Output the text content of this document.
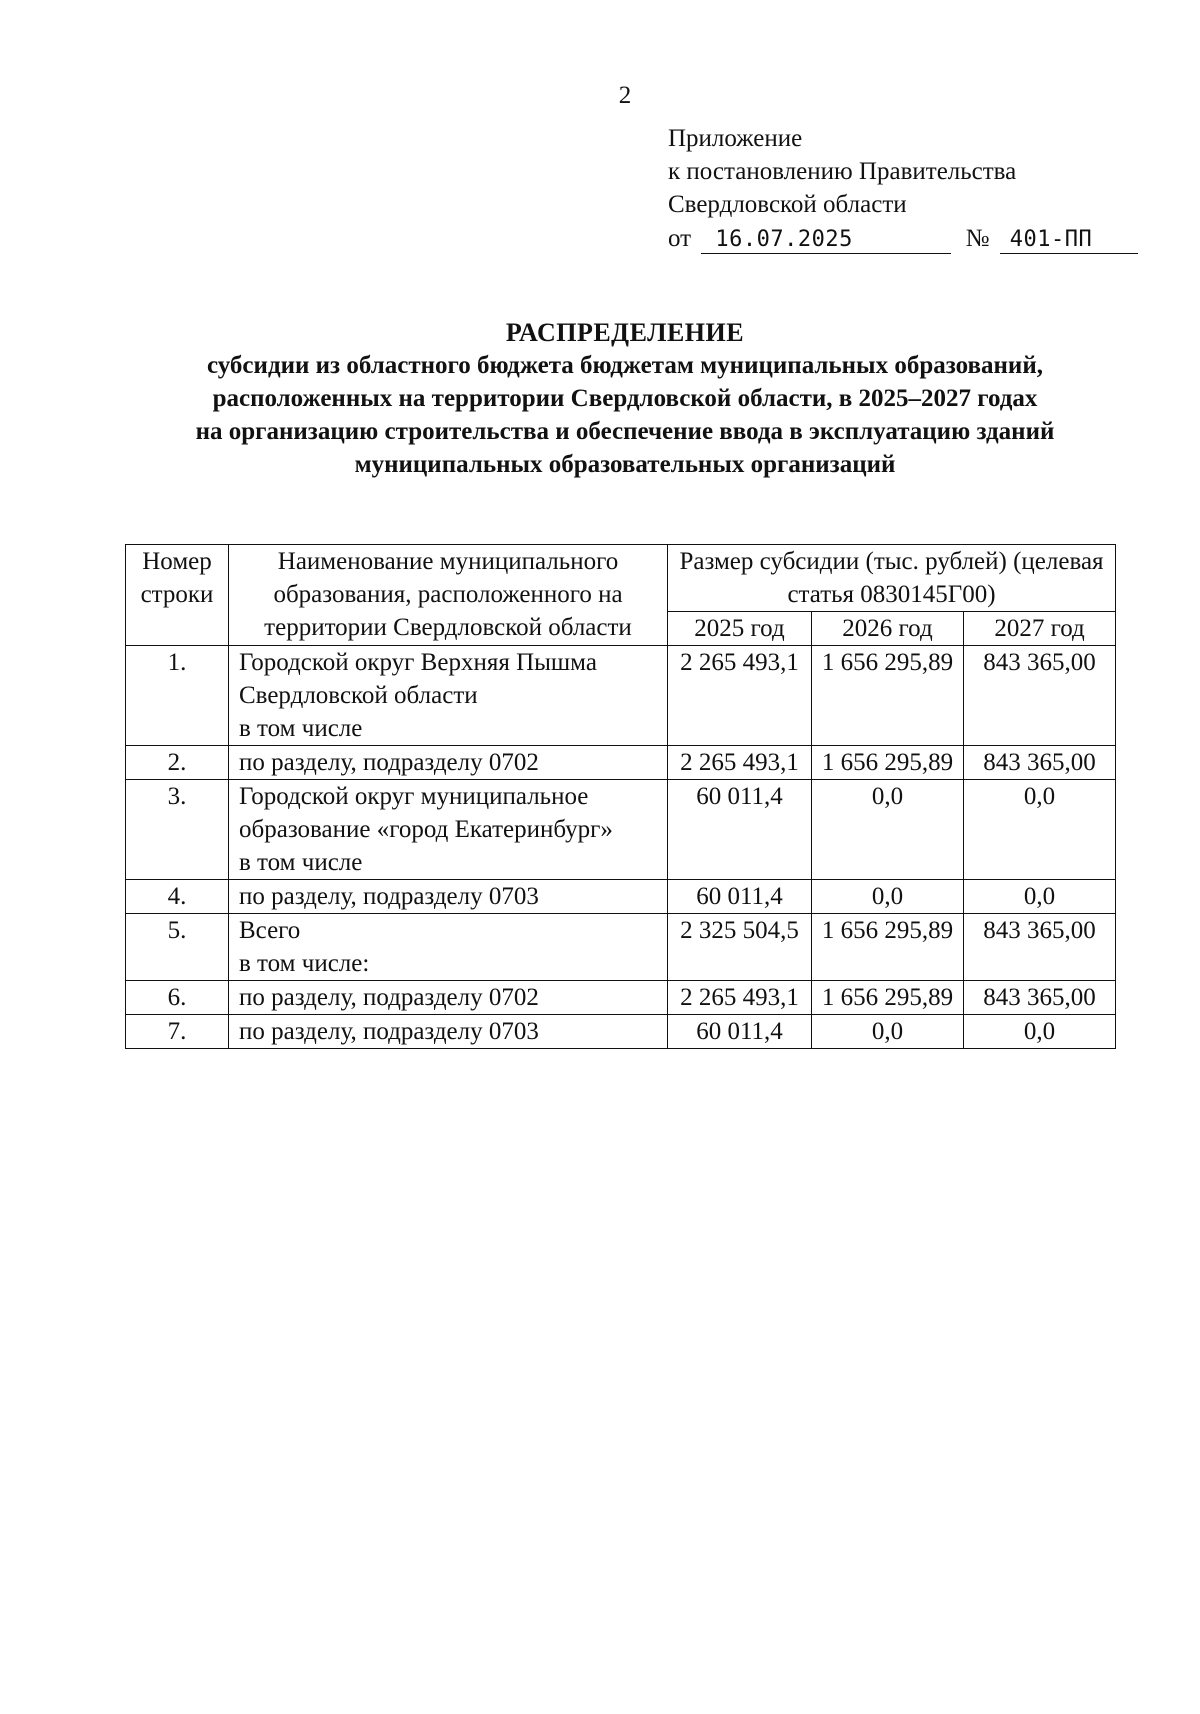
2
Приложение
к постановлению Правительства
Свердловской области
от 16.07.2025	№ 401-ПП
РАСПРЕДЕЛЕНИЕ
субсидии из областного бюджета бюджетам муниципальных образований,
расположенных на территории Свердловской области, в 2025–2027 годах
на организацию строительства и обеспечение ввода в эксплуатацию зданий
муниципальных образовательных организаций
Номер строки	Наименование муниципального образования, расположенного на территории Свердловской области	Размер субсидии (тыс. рублей) (целевая статья 0830145Г00)		
		2025 год	2026 год	2027 год
1.	Городской округ Верхняя Пышма
Свердловской области
в том числе	2 265 493,1	1 656 295,89	843 365,00
2.	по разделу, подразделу 0702	2 265 493,1	1 656 295,89	843 365,00
3.	Городской округ муниципальное
образование «город Екатеринбург»
в том числе	60 011,4	0,0	0,0
4.	по разделу, подразделу 0703	60 011,4	0,0	0,0
5.	Всего
в том числе:	2 325 504,5	1 656 295,89	843 365,00
6.	по разделу, подразделу 0702	2 265 493,1	1 656 295,89	843 365,00
7.	по разделу, подразделу 0703	60 011,4	0,0	0,0
